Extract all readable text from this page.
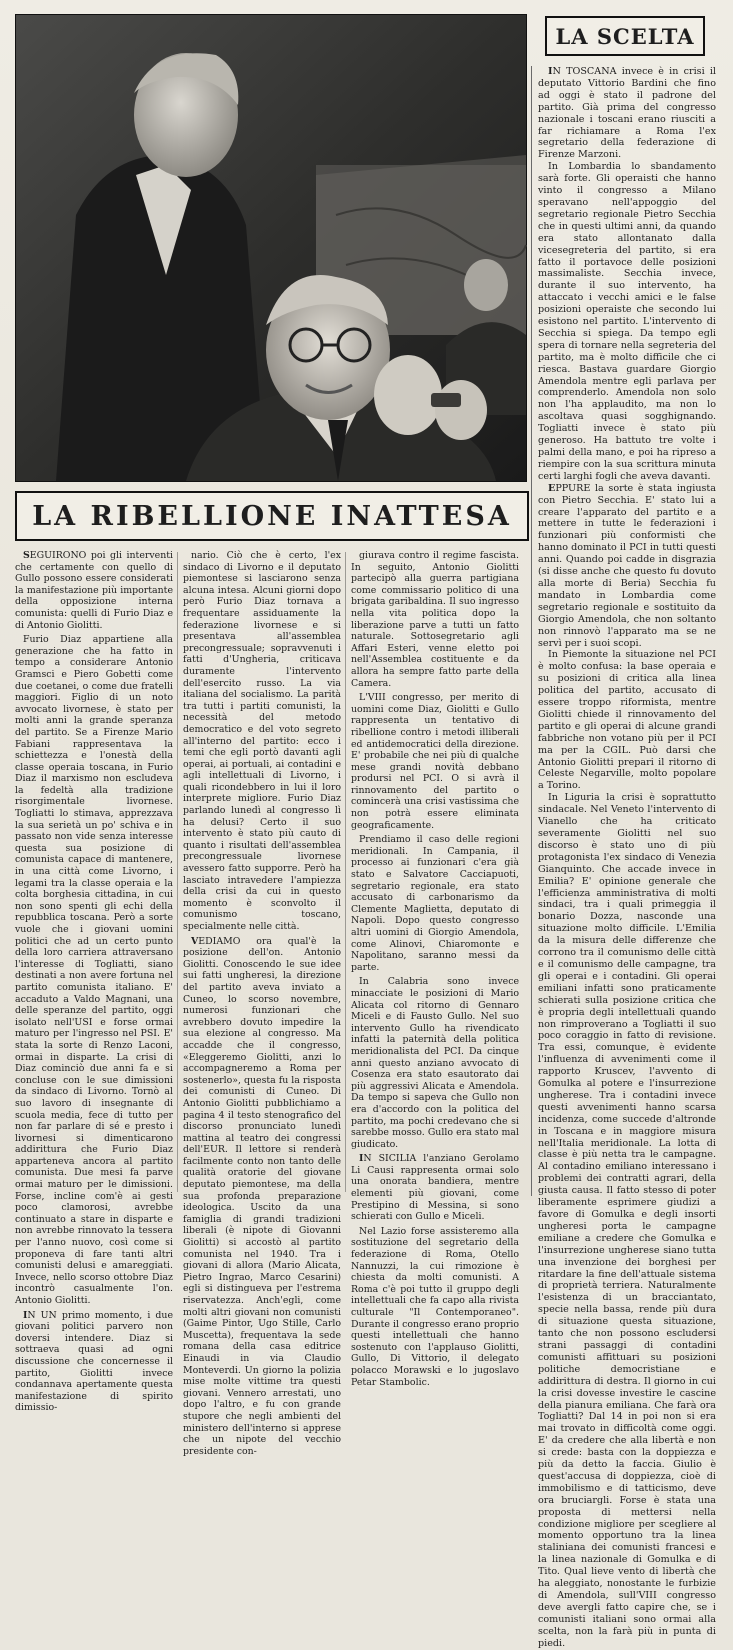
LA SCELTA

IN TOSCANA invece è in crisi il deputato Vittorio Bardini che fino ad oggi è stato il padrone del partito. Già prima del congresso nazionale i toscani erano riusciti a far richiamare a Roma l'ex segretario della federazione di Firenze Marzoni.

In Lombardia lo sbandamento sarà forte. Gli operaisti che hanno vinto il congresso a Milano speravano nell'appoggio del segretario regionale Pietro Secchia che in questi ultimi anni, da quando era stato allontanato dalla vicesegreteria del partito, si era fatto il portavoce delle posizioni massimaliste. Secchia invece, durante il suo intervento, ha attaccato i vecchi amici e le false posizioni operaiste che secondo lui esistono nel partito. L'intervento di Secchia si spiega. Da tempo egli spera di tornare nella segreteria del partito, ma è molto difficile che ci riesca. Bastava guardare Giorgio Amendola mentre egli parlava per comprenderlo. Amendola non solo non l'ha applaudito, ma non lo ascoltava quasi sogghignando. Togliatti invece è stato più generoso. Ha battuto tre volte i palmi della mano, e poi ha ripreso a riempire con la sua scrittura minuta certi larghi fogli che aveva davanti.

EPPURE la sorte è stata ingiusta con Pietro Secchia. E' stato lui a creare l'apparato del partito e a mettere in tutte le federazioni i funzionari più conformisti che hanno dominato il PCI in tutti questi anni. Quando poi cadde in disgrazia (si disse anche che questo fu dovuto alla morte di Beria) Secchia fu mandato in Lombardia come segretario regionale e sostituito da Giorgio Amendola, che non soltanto non rinnovò l'apparato ma se ne servì per i suoi scopi.

In Piemonte la situazione nel PCI è molto confusa: la base operaia e su posizioni di critica alla linea politica del partito, accusato di essere troppo riformista, mentre Giolitti chiede il rinnovamento del partito e gli operai di alcune grandi fabbriche non votano più per il PCI ma per la CGIL. Può darsi che Antonio Giolitti prepari il ritorno di Celeste Negarville, molto popolare a Torino.

In Liguria la crisi è soprattutto sindacale. Nel Veneto l'intervento di Vianello che ha criticato severamente Giolitti nel suo discorso è stato uno di più protagonista l'ex sindaco di Venezia Gianquinto. Che accade invece in Emilia? E' opinione generale che l'efficienza amministrativa di molti sindaci, tra i quali primeggia il bonario Dozza, nasconde una situazione molto difficile. L'Emilia da la misura delle differenze che corrono tra il comunismo delle città e il comunismo delle campagne, tra gli operai e i contadini. Gli operai emiliani infatti sono praticamente schierati sulla posizione critica che è propria degli intellettuali quando non rimproverano a Togliatti il suo poco coraggio in fatto di revisione. Tra essi, comunque, è evidente l'influenza di avvenimenti come il rapporto Kruscev, l'avvento di Gomulka al potere e l'insurrezione ungherese. Tra i contadini invece questi avvenimenti hanno scarsa incidenza, come succede d'altronde in Toscana e in maggiore misura nell'Italia meridionale. La lotta di classe è più netta tra le campagne. Al contadino emiliano interessano i problemi dei contratti agrari, della giusta causa. Il fatto stesso di poter liberamente esprimere giudizi a favore di Gomulka e degli insorti ungheresi porta le campagne emiliane a credere che Gomulka e l'insurrezione ungherese siano tutta una invenzione dei borghesi per ritardare la fine dell'attuale sistema di proprietà terriera. Naturalmente l'esistenza di un bracciantato, specie nella bassa, rende più dura di situazione questa situazione, tanto che non possono escludersi strani passaggi di contadini comunisti affittuari su posizioni politiche democristiane e addirittura di destra. Il giorno in cui la crisi dovesse investire le cascine della pianura emiliana. Che farà ora Togliatti? Dal 14 in poi non si era mai trovato in difficoltà come oggi. E' da credere che alla libertà e non si crede: basta con la doppiezza e più da detto la faccia. Giulio è quest'accusa di doppiezza, cioè di immobilismo e di tatticismo, deve ora bruciargli. Forse è stata una proposta di mettersi nella condizione migliore per scegliere al momento opportuno tra la linea staliniana dei comunisti francesi e la linea nazionale di Gomulka e di Tito. Qual lieve vento di libertà che ha aleggiato, nonostante le furbizie di Amendola, sull'VIII congresso deve avergli fatto capire che, se i comunisti italiani sono ormai alla scelta, non la farà più in punta di piedi.

LA RIBELLIONE INATTESA

SEGUIRONO poi gli interventi che certamente con quello di Gullo possono essere considerati la manifestazione più importante della opposizione interna comunista: quelli di Furio Diaz e di Antonio Giolitti.

Furio Diaz appartiene alla generazione che ha fatto in tempo a considerare Antonio Gramsci e Piero Gobetti come due coetanei, o come due fratelli maggiori. Figlio di un noto avvocato livornese, è stato per molti anni la grande speranza del partito. Se a Firenze Mario Fabiani rappresentava la schiettezza e l'onestà della classe operaia toscana, in Furio Diaz il marxismo non escludeva la fedeltà alla tradizione risorgimentale livornese. Togliatti lo stimava, apprezzava la sua serietà un po' schiva e in passato non vide senza interesse questa sua posizione di comunista capace di mantenere, in una città come Livorno, i legami tra la classe operaia e la colta borghesia cittadina, in cui non sono spenti gli echi della repubblica toscana. Però a sorte vuole che i giovani uomini politici che ad un certo punto della loro carriera attraversano l'interesse di Togliatti, siano destinati a non avere fortuna nel partito comunista italiano. E' accaduto a Valdo Magnani, una delle speranze del partito, oggi isolato nell'USI e forse ormai maturo per l'ingresso nel PSI. E' stata la sorte di Renzo Laconi, ormai in disparte. La crisi di Diaz cominciò due anni fa e si concluse con le sue dimissioni da sindaco di Livorno. Tornò al suo lavoro di insegnante di scuola media, fece di tutto per non far parlare di sé e presto i livornesi si dimenticarono addirittura che Furio Diaz apparteneva ancora al partito comunista. Due mesi fa parve ormai maturo per le dimissioni. Forse, incline com'è ai gesti poco clamorosi, avrebbe continuato a stare in disparte e non avrebbe rinnovato la tessera per l'anno nuovo, così come si proponeva di fare tanti altri comunisti delusi e amareggiati. Invece, nello scorso ottobre Diaz incontrò casualmente l'on. Antonio Giolitti.

IN UN primo momento, i due giovani politici parvero non doversi intendere. Diaz si sottraeva quasi ad ogni discussione che concernesse il partito, Giolitti invece condannava apertamente questa manifestazione di spirito dimissio-

nario. Ciò che è certo, l'ex sindaco di Livorno e il deputato piemontese si lasciarono senza alcuna intesa. Alcuni giorni dopo però Furio Diaz tornava a frequentare assiduamente la federazione livornese e si presentava all'assemblea precongressuale; sopravvenuti i fatti d'Ungheria, criticava duramente l'intervento dell'esercito russo. La via italiana del socialismo. La parità tra tutti i partiti comunisti, la necessità del metodo democratico e del voto segreto all'interno del partito: ecco i temi che egli portò davanti agli operai, ai portuali, ai contadini e agli intellettuali di Livorno, i quali ricondebbero in lui il loro interprete migliore. Furio Diaz parlando lunedì al congresso lì ha delusi? Certo il suo intervento è stato più cauto di quanto i risultati dell'assemblea precongressuale livornese avessero fatto supporre. Però ha lasciato intravedere l'ampiezza della crisi da cui in questo momento è sconvolto il comunismo toscano, specialmente nelle città.

VEDIAMO ora qual'è la posizione dell'on. Antonio Giolitti. Conoscendo le sue idee sui fatti ungheresi, la direzione del partito aveva inviato a Cuneo, lo scorso novembre, numerosi funzionari che avrebbero dovuto impedire la sua elezione al congresso. Ma accadde che il congresso, «Eleggeremo Giolitti, anzi lo accompagneremo a Roma per sostenerlo», questa fu la risposta dei comunisti di Cuneo. Di Antonio Giolitti pubblichiamo a pagina 4 il testo stenografico del discorso pronunciato lunedì mattina al teatro dei congressi dell'EUR. Il lettore si renderà facilmente conto non tanto delle qualità oratorie del giovane deputato piemontese, ma della sua profonda preparazione ideologica. Uscito da una famiglia di grandi tradizioni liberali (è nipote di Giovanni Giolitti) si accostò al partito comunista nel 1940. Tra i giovani di allora (Mario Alicata, Pietro Ingrao, Marco Cesarini) egli si distingueva per l'estrema riservatezza. Anch'egli, come molti altri giovani non comunisti (Gaime Pintor, Ugo Stille, Carlo Muscetta), frequentava la sede romana della casa editrice Einaudi in via Claudio Monteverdi. Un giorno la polizia mise molte vittime tra questi giovani. Vennero arrestati, uno dopo l'altro, e fu con grande stupore che negli ambienti del ministero dell'interno si apprese che un nipote del vecchio presidente con-

giurava contro il regime fascista. In seguito, Antonio Giolitti partecipò alla guerra partigiana come commissario politico di una brigata garibaldina. Il suo ingresso nella vita politica dopo la liberazione parve a tutti un fatto naturale. Sottosegretario agli Affari Esteri, venne eletto poi nell'Assemblea costituente e da allora ha sempre fatto parte della Camera.

L'VIII congresso, per merito di uomini come Diaz, Giolitti e Gullo rappresenta un tentativo di ribellione contro i metodi illiberali ed antidemocratici della direzione. E' probabile che nei più di qualche mese grandi novità debbano prodursi nel PCI. O si avrà il rinnovamento del partito o comincerà una crisi vastissima che non potrà essere eliminata geograficamente.

Prendiamo il caso delle regioni meridionali. In Campania, il processo ai funzionari c'era già stato e Salvatore Cacciapuoti, segretario regionale, era stato accusato di carbonarismo da Clemente Maglietta, deputato di Napoli. Dopo questo congresso altri uomini di Giorgio Amendola, come Alinovi, Chiaromonte e Napolitano, saranno messi da parte.

In Calabria sono invece minacciate le posizioni di Mario Alicata col ritorno di Gennaro Miceli e di Fausto Gullo. Nel suo intervento Gullo ha rivendicato infatti la paternità della politica meridionalista del PCI. Da cinque anni questo anziano avvocato di Cosenza era stato esautorato dai più aggressivi Alicata e Amendola. Da tempo si sapeva che Gullo non era d'accordo con la politica del partito, ma pochi credevano che si sarebbe mosso. Gullo era stato mal giudicato.

IN SICILIA l'anziano Gerolamo Li Causi rappresenta ormai solo una onorata bandiera, mentre elementi più giovani, come Prestipino di Messina, si sono schierati con Gullo e Miceli.

Nel Lazio forse assisteremo alla sostituzione del segretario della federazione di Roma, Otello Nannuzzi, la cui rimozione è chiesta da molti comunisti. A Roma c'è poi tutto il gruppo degli intellettuali che fa capo alla rivista culturale "Il Contemporaneo". Durante il congresso erano proprio questi intellettuali che hanno sostenuto con l'applauso Giolitti, Gullo, Di Vittorio, il delegato polacco Morawski e lo jugoslavo Petar Stambolic.
